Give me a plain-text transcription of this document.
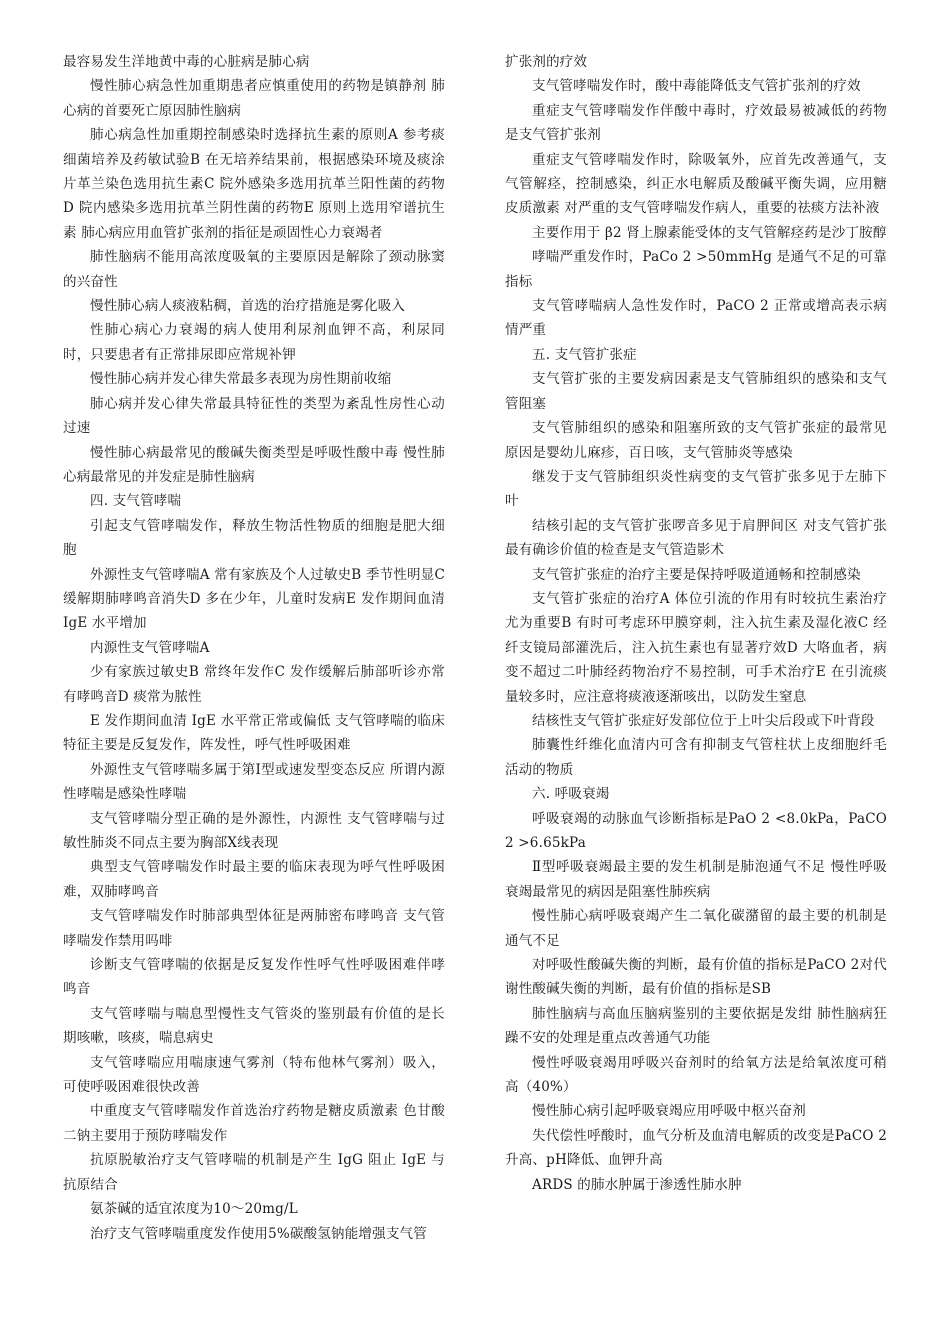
最容易发生洋地黄中毒的心脏病是肺心病

慢性肺心病急性加重期患者应慎重使用的药物是镇静剂 肺心病的首要死亡原因肺性脑病

肺心病急性加重期控制感染时选择抗生素的原则A 参考痰细菌培养及药敏试验B 在无培养结果前，根据感染环境及痰涂片革兰染色选用抗生素C 院外感染多选用抗革兰阳性菌的药物D 院内感染多选用抗革兰阴性菌的药物E 原则上选用窄谱抗生素 肺心病应用血管扩张剂的指征是顽固性心力衰竭者

肺性脑病不能用高浓度吸氧的主要原因是解除了颈动脉窦的兴奋性

慢性肺心病人痰液粘稠，首选的治疗措施是雾化吸入

性肺心病心力衰竭的病人使用利尿剂血钾不高，利尿同时，只要患者有正常排尿即应常规补钾

慢性肺心病并发心律失常最多表现为房性期前收缩

肺心病并发心律失常最具特征性的类型为紊乱性房性心动过速

慢性肺心病最常见的酸碱失衡类型是呼吸性酸中毒 慢性肺心病最常见的并发症是肺性脑病

四. 支气管哮喘

引起支气管哮喘发作，释放生物活性物质的细胞是肥大细胞

外源性支气管哮喘A 常有家族及个人过敏史B 季节性明显C 缓解期肺哮鸣音消失D 多在少年，儿童时发病E 发作期间血清 IgE 水平增加

内源性支气管哮喘A

少有家族过敏史B 常终年发作C 发作缓解后肺部听诊亦常有哮鸣音D 痰常为脓性

E 发作期间血清 IgE 水平常正常或偏低 支气管哮喘的临床特征主要是反复发作，阵发性，呼气性呼吸困难

外源性支气管哮喘多属于第Ⅰ型或速发型变态反应 所谓内源性哮喘是感染性哮喘

支气管哮喘分型正确的是外源性，内源性 支气管哮喘与过敏性肺炎不同点主要为胸部X线表现

典型支气管哮喘发作时最主要的临床表现为呼气性呼吸困难，双肺哮鸣音

支气管哮喘发作时肺部典型体征是两肺密布哮鸣音 支气管哮喘发作禁用吗啡

诊断支气管哮喘的依据是反复发作性呼气性呼吸困难伴哮鸣音

支气管哮喘与喘息型慢性支气管炎的鉴别最有价值的是长期咳嗽，咳痰，喘息病史

支气管哮喘应用喘康速气雾剂（特布他林气雾剂）吸入，可使呼吸困难很快改善

中重度支气管哮喘发作首选治疗药物是糖皮质激素 色甘酸二钠主要用于预防哮喘发作

抗原脱敏治疗支气管哮喘的机制是产生 IgG 阻止 IgE 与抗原结合

氨茶碱的适宜浓度为10～20mg/L

治疗支气管哮喘重度发作使用5%碳酸氢钠能增强支气管

扩张剂的疗效

支气管哮喘发作时，酸中毒能降低支气管扩张剂的疗效

重症支气管哮喘发作伴酸中毒时，疗效最易被减低的药物是支气管扩张剂

重症支气管哮喘发作时，除吸氧外，应首先改善通气，支气管解痉，控制感染，纠正水电解质及酸碱平衡失调，应用糖皮质激素 对严重的支气管哮喘发作病人，重要的祛痰方法补液

主要作用于 β2 肾上腺素能受体的支气管解痉药是沙丁胺醇

哮喘严重发作时，PaCo 2 >50mmHg 是通气不足的可靠指标

支气管哮喘病人急性发作时，PaCO 2 正常或增高表示病情严重

五. 支气管扩张症

支气管扩张的主要发病因素是支气管肺组织的感染和支气管阻塞

支气管肺组织的感染和阻塞所致的支气管扩张症的最常见原因是婴幼儿麻疹，百日咳，支气管肺炎等感染

继发于支气管肺组织炎性病变的支气管扩张多见于左肺下叶

结核引起的支气管扩张啰音多见于肩胛间区 对支气管扩张最有确诊价值的检查是支气管造影术

支气管扩张症的治疗主要是保持呼吸道通畅和控制感染

支气管扩张症的治疗A 体位引流的作用有时较抗生素治疗尤为重要B 有时可考虑环甲膜穿刺，注入抗生素及湿化液C 经纤支镜局部灌洗后，注入抗生素也有显著疗效D 大咯血者，病变不超过二叶肺经药物治疗不易控制，可手术治疗E 在引流痰量较多时，应注意将痰液逐渐咳出，以防发生窒息

结核性支气管扩张症好发部位位于上叶尖后段或下叶背段

肺囊性纤维化血清内可含有抑制支气管柱状上皮细胞纤毛活动的物质

六. 呼吸衰竭

呼吸衰竭的动脉血气诊断指标是PaO 2 <8.0kPa，PaCO 2 >6.65kPa

Ⅱ型呼吸衰竭最主要的发生机制是肺泡通气不足 慢性呼吸衰竭最常见的病因是阻塞性肺疾病

慢性肺心病呼吸衰竭产生二氧化碳潴留的最主要的机制是通气不足

对呼吸性酸碱失衡的判断，最有价值的指标是PaCO 2对代谢性酸碱失衡的判断，最有价值的指标是SB

肺性脑病与高血压脑病鉴别的主要依据是发绀 肺性脑病狂躁不安的处理是重点改善通气功能

慢性呼吸衰竭用呼吸兴奋剂时的给氧方法是给氧浓度可稍高（40%）

慢性肺心病引起呼吸衰竭应用呼吸中枢兴奋剂

失代偿性呼酸时，血气分析及血清电解质的改变是PaCO 2 升高、pH降低、血钾升高

ARDS 的肺水肿属于渗透性肺水肿
